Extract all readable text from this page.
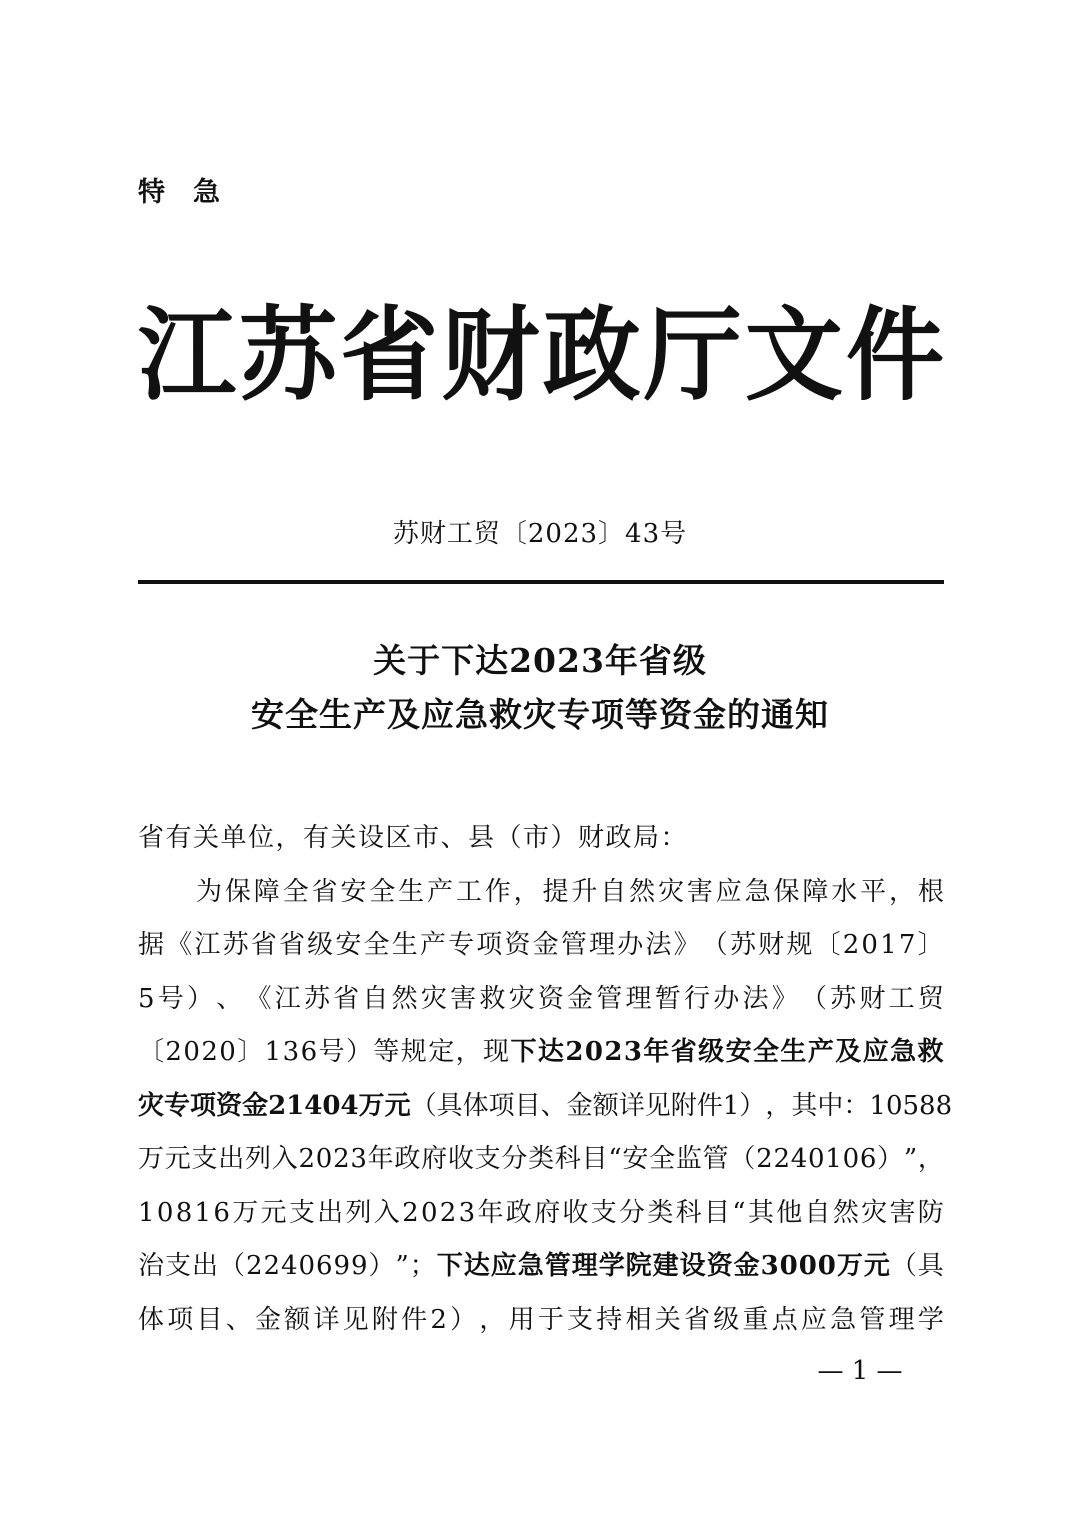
特急
江 苏 省 财 政 厅 文 件
苏财工贸〔2023〕43号
关于下达2023年省级
安全生产及应急救灾专项等资金的通知
省有关单位，有关设区市、县（市）财政局：
为 保 障 全 省 安 全 生 产 工 作 ， 提 升 自 然 灾 害 应 急 保 障 水 平 ， 根
据 《 江 苏 省 省 级 安 全 生 产 专 项 资 金 管 理 办 法 》 （ 苏 财 规 〔 2 0 1 7 〕
5 号 ） 、 《 江 苏 省 自 然 灾 害 救 灾 资 金 管 理 暂 行 办 法 》 （ 苏 财 工 贸
〔 2 0 2 0 〕 1 3 6 号 ） 等 规 定 ， 现 下 达 2 0 2 3 年 省 级 安 全 生 产 及 应 急 救
灾 专 项 资 金 2 1 4 0 4 万 元 （ 具 体 项 目 、 金 额 详 见 附 件 1 ） ， 其 中 ： 1 0 5 8 8
万 元 支 出 列 入 2 0 2 3 年 政 府 收 支 分 类 科 目 “ 安 全 监 管 （ 2 2 4 0 1 0 6 ） ” ，
1 0 8 1 6 万 元 支 出 列 入 2 0 2 3 年 政 府 收 支 分 类 科 目 “ 其 他 自 然 灾 害 防
治 支 出 （ 2 2 4 0 6 9 9 ） ” ； 下 达 应 急 管 理 学 院 建 设 资 金 3 0 0 0 万 元 （ 具
体 项 目 、 金 额 详 见 附 件 2 ） ， 用 于 支 持 相 关 省 级 重 点 应 急 管 理 学
— 1 —
